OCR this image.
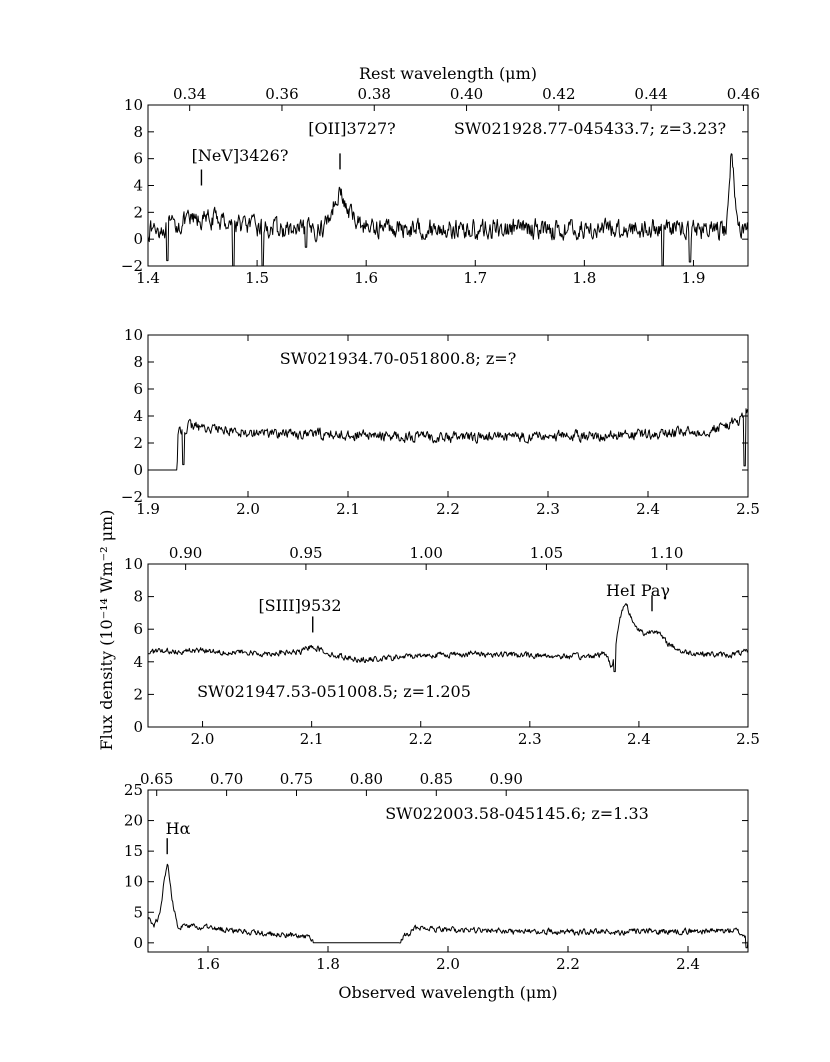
1.4	1.5	1.6	1.7	1.8	1.9
−2
0
2
4
6
8
10
0.34	0.36	0.38	0.40	0.42	0.44	0.46
Rest wavelength (μm)
SW021928.77-045433.7; z=3.23?
[NeV]3426?
[OII]3727?
1.9	2.0	2.1	2.2	2.3	2.4	2.5
−2
0
2
4
6
8
10
SW021934.70-051800.8; z=?
2.0	2.1	2.2	2.3	2.4	2.5
0
2
4
6
8
10
0.90	0.95	1.00	1.05	1.10
SW021947.53-051008.5; z=1.205
[SIII]9532
HeI Paγ
1.6	1.8	2.0	2.2	2.4
0
5
10
15
20
25
0.65 0.70 0.75 0.80 0.85 0.90
SW022003.58-045145.6; z=1.33
Hα
Flux density (10⁻¹⁴ Wm⁻² μm)
Observed wavelength (μm)
